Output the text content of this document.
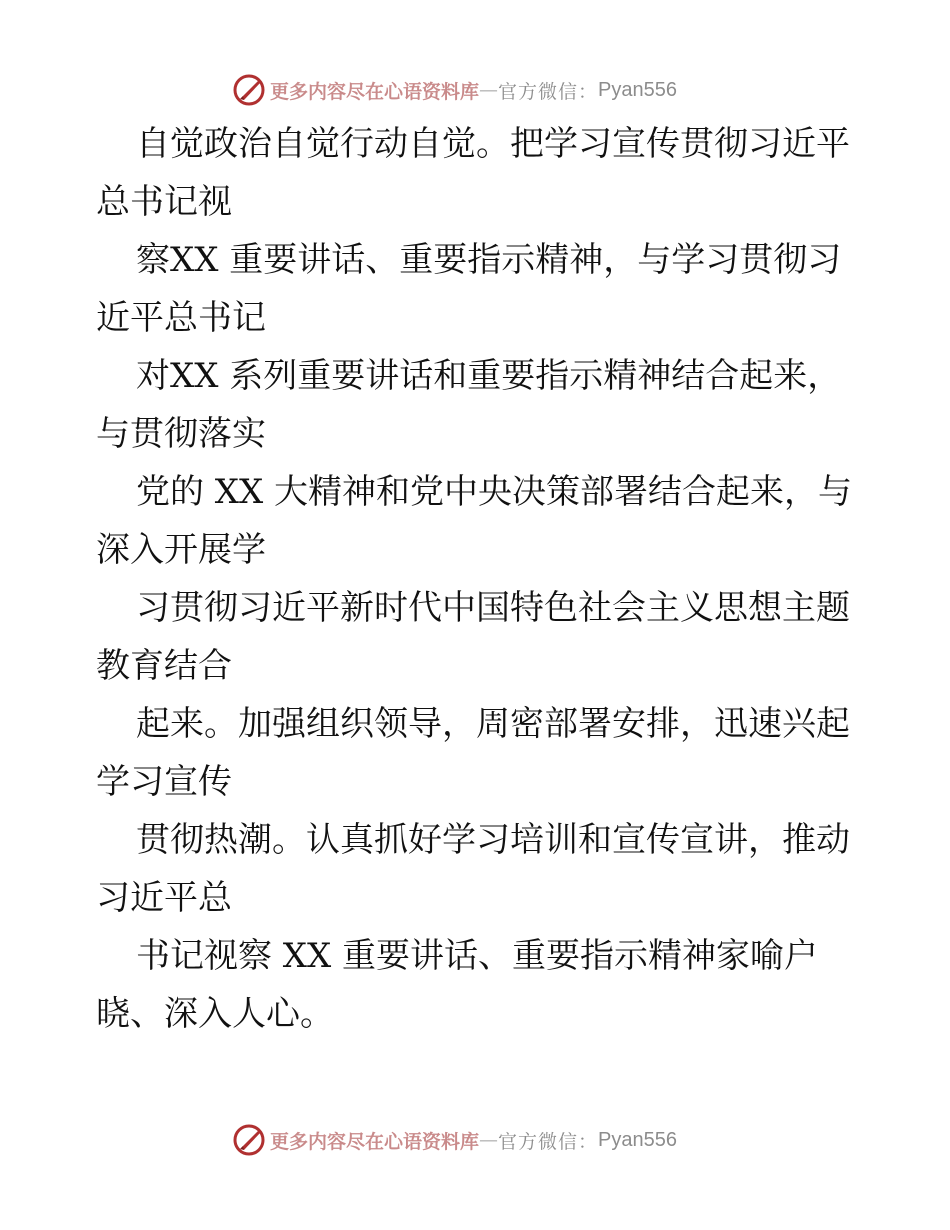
更多内容尽在心语资料库 — 官方微信： Pyan556
自觉政治自觉行动自觉。把学习宣传贯彻习近平
总书记视
察XX 重要讲话、重要指示精神，与学习贯彻习
近平总书记
对XX 系列重要讲话和重要指示精神结合起来，
与贯彻落实
党的 XX 大精神和党中央决策部署结合起来，与
深入开展学
习贯彻习近平新时代中国特色社会主义思想主题
教育结合
起来。加强组织领导，周密部署安排，迅速兴起
学习宣传
贯彻热潮。认真抓好学习培训和宣传宣讲，推动
习近平总
书记视察 XX 重要讲话、重要指示精神家喻户
晓、深入人心。
更多内容尽在心语资料库 — 官方微信： Pyan556
